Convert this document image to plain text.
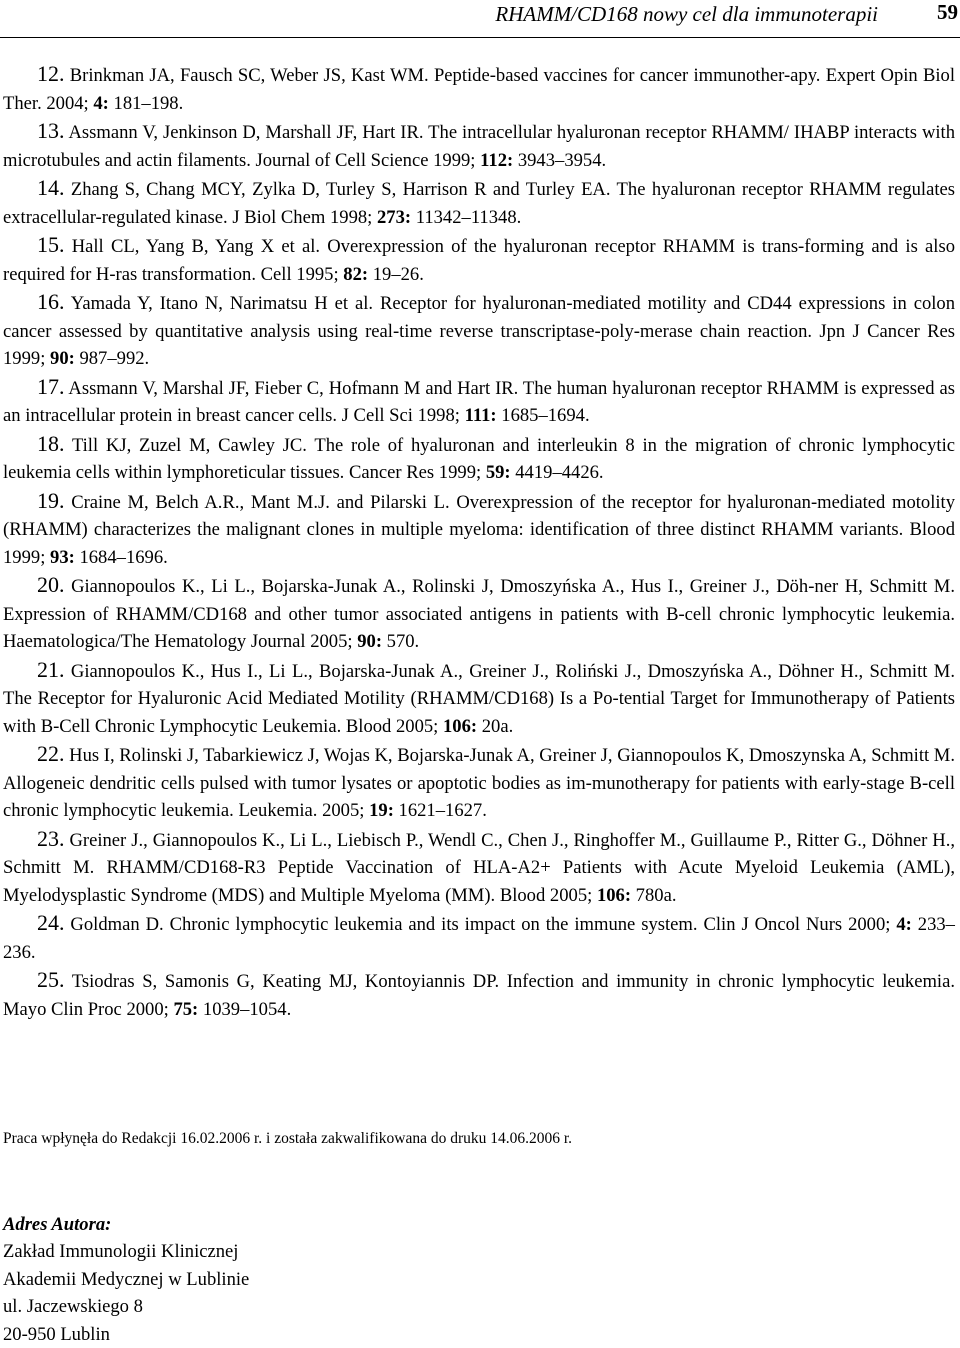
RHAMM/CD168 nowy cel dla immunoterapii	59

12. Brinkman JA, Fausch SC, Weber JS, Kast WM. Peptide-based vaccines for cancer immunother-apy. Expert Opin Biol Ther. 2004; 4: 181–198.

13. Assmann V, Jenkinson D, Marshall JF, Hart IR. The intracellular hyaluronan receptor RHAMM/ IHABP interacts with microtubules and actin filaments. Journal of Cell Science 1999; 112: 3943–3954.

14. Zhang S, Chang MCY, Zylka D, Turley S, Harrison R and Turley EA. The hyaluronan receptor RHAMM regulates extracellular-regulated kinase. J Biol Chem 1998; 273: 11342–11348.

15. Hall CL, Yang B, Yang X et al. Overexpression of the hyaluronan receptor RHAMM is trans-forming and is also required for H-ras transformation. Cell 1995; 82: 19–26.

16. Yamada Y, Itano N, Narimatsu H et al. Receptor for hyaluronan-mediated motility and CD44 expressions in colon cancer assessed by quantitative analysis using real-time reverse transcriptase-poly-merase chain reaction. Jpn J Cancer Res 1999; 90: 987–992.

17. Assmann V, Marshal JF, Fieber C, Hofmann M and Hart IR. The human hyaluronan receptor RHAMM is expressed as an intracellular protein in breast cancer cells. J Cell Sci 1998; 111: 1685–1694.

18. Till KJ, Zuzel M, Cawley JC. The role of hyaluronan and interleukin 8 in the migration of chronic lymphocytic leukemia cells within lymphoreticular tissues. Cancer Res 1999; 59: 4419–4426.

19. Craine M, Belch A.R., Mant M.J. and Pilarski L. Overexpression of the receptor for hyaluronan-mediated motolity (RHAMM) characterizes the malignant clones in multiple myeloma: identification of three distinct RHAMM variants. Blood 1999; 93: 1684–1696.

20. Giannopoulos K., Li L., Bojarska-Junak A., Rolinski J, Dmoszyńska A., Hus I., Greiner J., Döh-ner H, Schmitt M. Expression of RHAMM/CD168 and other tumor associated antigens in patients with B-cell chronic lymphocytic leukemia. Haematologica/The Hematology Journal 2005; 90: 570.

21. Giannopoulos K., Hus I., Li L., Bojarska-Junak A., Greiner J., Roliński J., Dmoszyńska A., Döhner H., Schmitt M. The Receptor for Hyaluronic Acid Mediated Motility (RHAMM/CD168) Is a Po-tential Target for Immunotherapy of Patients with B-Cell Chronic Lymphocytic Leukemia. Blood 2005; 106: 20a.

22. Hus I, Rolinski J, Tabarkiewicz J, Wojas K, Bojarska-Junak A, Greiner J, Giannopoulos K, Dmoszynska A, Schmitt M. Allogeneic dendritic cells pulsed with tumor lysates or apoptotic bodies as im-munotherapy for patients with early-stage B-cell chronic lymphocytic leukemia. Leukemia. 2005; 19: 1621–1627.

23. Greiner J., Giannopoulos K., Li L., Liebisch P., Wendl C., Chen J., Ringhoffer M., Guillaume P., Ritter G., Döhner H., Schmitt M. RHAMM/CD168-R3 Peptide Vaccination of HLA-A2+ Patients with Acute Myeloid Leukemia (AML), Myelodysplastic Syndrome (MDS) and Multiple Myeloma (MM). Blood 2005; 106: 780a.

24. Goldman D. Chronic lymphocytic leukemia and its impact on the immune system. Clin J Oncol Nurs 2000; 4: 233–236.

25. Tsiodras S, Samonis G, Keating MJ, Kontoyiannis DP. Infection and immunity in chronic lymphocytic leukemia. Mayo Clin Proc 2000; 75: 1039–1054.

Praca wpłynęła do Redakcji 16.02.2006 r. i została zakwalifikowana do druku 14.06.2006 r.
Adres Autora:
Zakład Immunologii Klinicznej
Akademii Medycznej w Lublinie
ul. Jaczewskiego 8
20-950 Lublin
